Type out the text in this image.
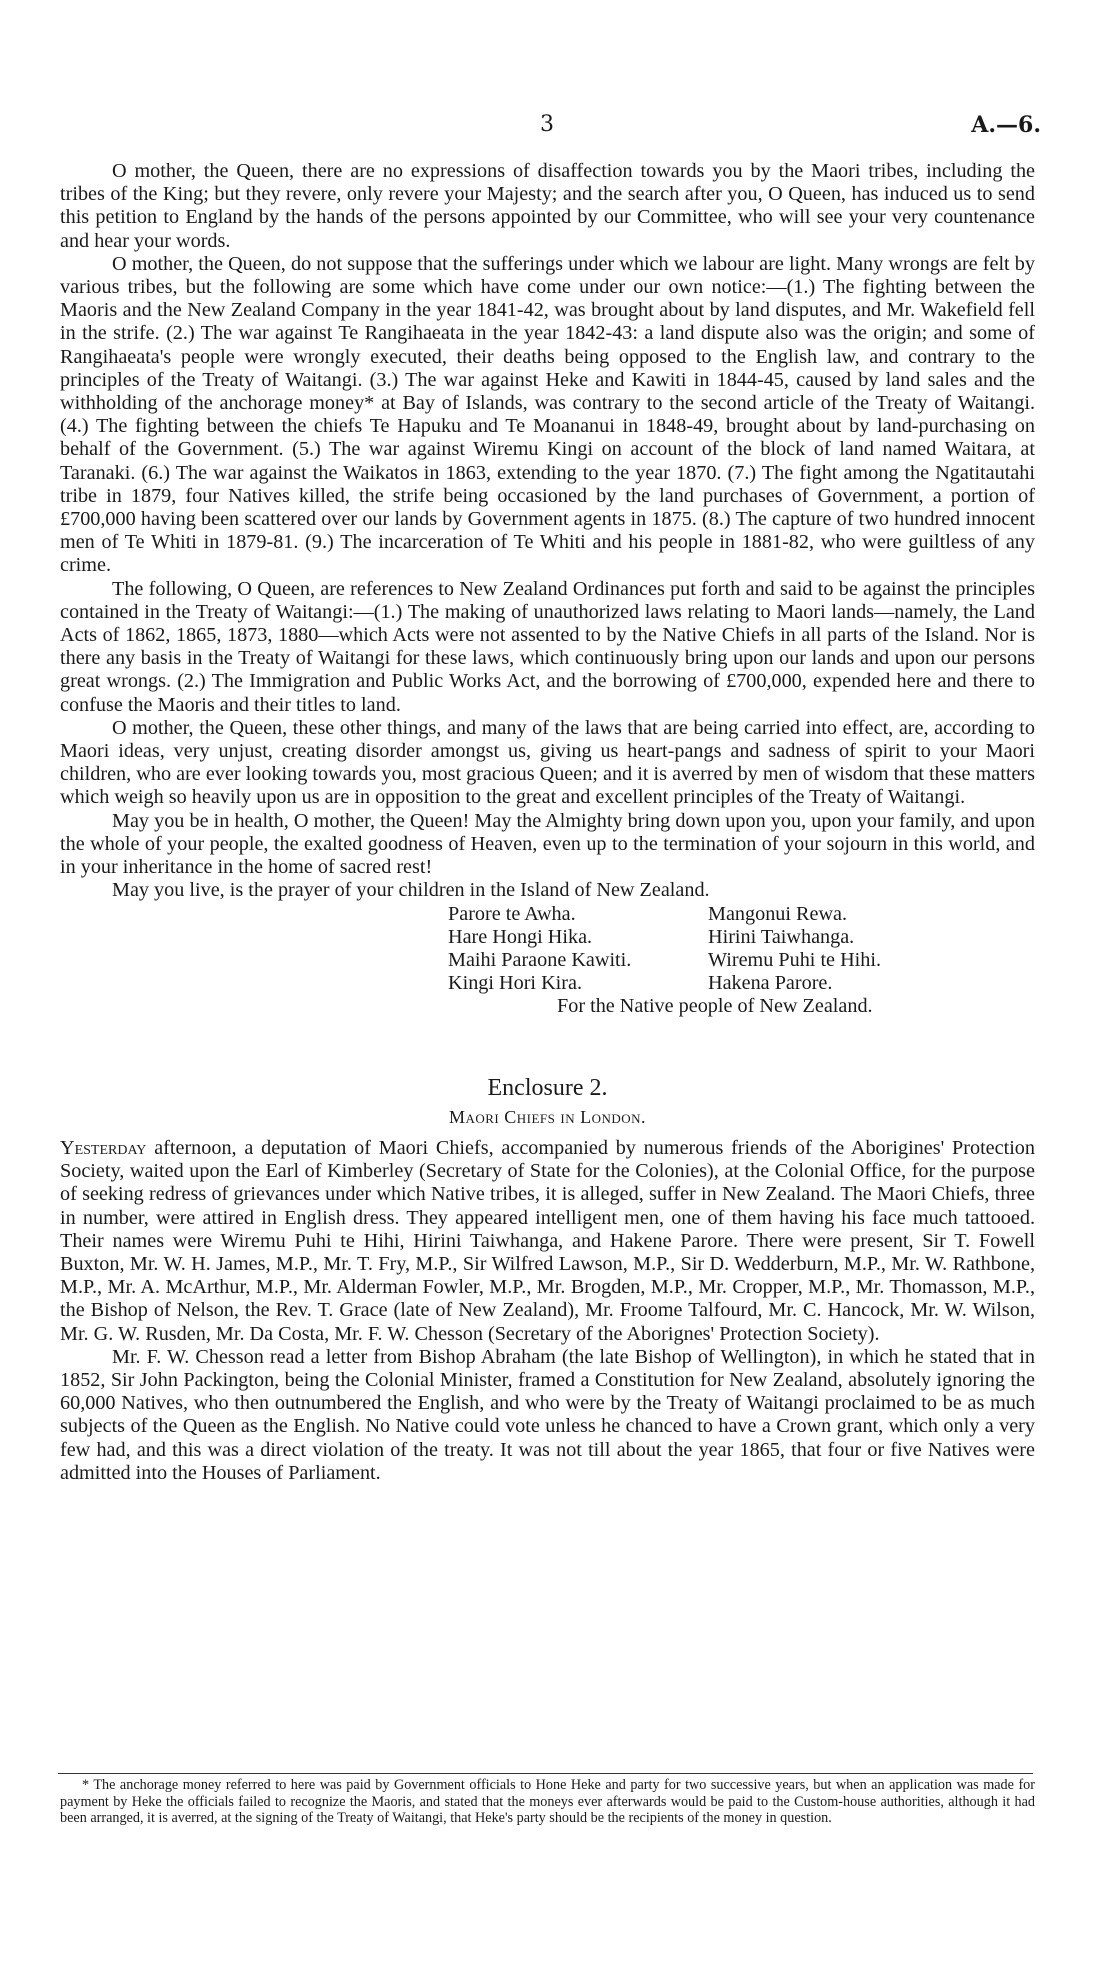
3	A.—6.

O mother, the Queen, there are no expressions of disaffection towards you by the Maori tribes, including the tribes of the King; but they revere, only revere your Majesty; and the search after you, O Queen, has induced us to send this petition to England by the hands of the persons appointed by our Committee, who will see your very countenance and hear your words.

O mother, the Queen, do not suppose that the sufferings under which we labour are light. Many wrongs are felt by various tribes, but the following are some which have come under our own notice:—(1.) The fighting between the Maoris and the New Zealand Company in the year 1841-42, was brought about by land disputes, and Mr. Wakefield fell in the strife. (2.) The war against Te Rangihaeata in the year 1842-43: a land dispute also was the origin; and some of Rangihaeata's people were wrongly executed, their deaths being opposed to the English law, and contrary to the principles of the Treaty of Waitangi. (3.) The war against Heke and Kawiti in 1844-45, caused by land sales and the withholding of the anchorage money* at Bay of Islands, was contrary to the second article of the Treaty of Waitangi. (4.) The fighting between the chiefs Te Hapuku and Te Moananui in 1848-49, brought about by land-purchasing on behalf of the Government. (5.) The war against Wiremu Kingi on account of the block of land named Waitara, at Taranaki. (6.) The war against the Waikatos in 1863, extending to the year 1870. (7.) The fight among the Ngatitautahi tribe in 1879, four Natives killed, the strife being occasioned by the land purchases of Government, a portion of £700,000 having been scattered over our lands by Government agents in 1875. (8.) The capture of two hundred innocent men of Te Whiti in 1879-81. (9.) The incarceration of Te Whiti and his people in 1881-82, who were guiltless of any crime.

The following, O Queen, are references to New Zealand Ordinances put forth and said to be against the principles contained in the Treaty of Waitangi:—(1.) The making of unauthorized laws relating to Maori lands—namely, the Land Acts of 1862, 1865, 1873, 1880—which Acts were not assented to by the Native Chiefs in all parts of the Island. Nor is there any basis in the Treaty of Waitangi for these laws, which continuously bring upon our lands and upon our persons great wrongs. (2.) The Immigration and Public Works Act, and the borrowing of £700,000, expended here and there to confuse the Maoris and their titles to land.

O mother, the Queen, these other things, and many of the laws that are being carried into effect, are, according to Maori ideas, very unjust, creating disorder amongst us, giving us heart-pangs and sadness of spirit to your Maori children, who are ever looking towards you, most gracious Queen; and it is averred by men of wisdom that these matters which weigh so heavily upon us are in opposition to the great and excellent principles of the Treaty of Waitangi.

May you be in health, O mother, the Queen! May the Almighty bring down upon you, upon your family, and upon the whole of your people, the exalted goodness of Heaven, even up to the termination of your sojourn in this world, and in your inheritance in the home of sacred rest!

May you live, is the prayer of your children in the Island of New Zealand.

Parore te Awha.	Mangonui Rewa.
Hare Hongi Hika.	Hirini Taiwhanga.
Maihi Paraone Kawiti.	Wiremu Puhi te Hihi.
Kingi Hori Kira.	Hakena Parore.
For the Native people of New Zealand.
Enclosure 2.
Maori Chiefs in London.

Yesterday afternoon, a deputation of Maori Chiefs, accompanied by numerous friends of the Aborigines' Protection Society, waited upon the Earl of Kimberley (Secretary of State for the Colonies), at the Colonial Office, for the purpose of seeking redress of grievances under which Native tribes, it is alleged, suffer in New Zealand. The Maori Chiefs, three in number, were attired in English dress. They appeared intelligent men, one of them having his face much tattooed. Their names were Wiremu Puhi te Hihi, Hirini Taiwhanga, and Hakene Parore. There were present, Sir T. Fowell Buxton, Mr. W. H. James, M.P., Mr. T. Fry, M.P., Sir Wilfred Lawson, M.P., Sir D. Wedderburn, M.P., Mr. W. Rathbone, M.P., Mr. A. McArthur, M.P., Mr. Alderman Fowler, M.P., Mr. Brogden, M.P., Mr. Cropper, M.P., Mr. Thomasson, M.P., the Bishop of Nelson, the Rev. T. Grace (late of New Zealand), Mr. Froome Talfourd, Mr. C. Hancock, Mr. W. Wilson, Mr. G. W. Rusden, Mr. Da Costa, Mr. F. W. Chesson (Secretary of the Aborignes' Protection Society).

Mr. F. W. Chesson read a letter from Bishop Abraham (the late Bishop of Wellington), in which he stated that in 1852, Sir John Packington, being the Colonial Minister, framed a Constitution for New Zealand, absolutely ignoring the 60,000 Natives, who then outnumbered the English, and who were by the Treaty of Waitangi proclaimed to be as much subjects of the Queen as the English. No Native could vote unless he chanced to have a Crown grant, which only a very few had, and this was a direct violation of the treaty. It was not till about the year 1865, that four or five Natives were admitted into the Houses of Parliament.

* The anchorage money referred to here was paid by Government officials to Hone Heke and party for two successive years, but when an application was made for payment by Heke the officials failed to recognize the Maoris, and stated that the moneys ever afterwards would be paid to the Custom-house authorities, although it had been arranged, it is averred, at the signing of the Treaty of Waitangi, that Heke's party should be the recipients of the money in question.
